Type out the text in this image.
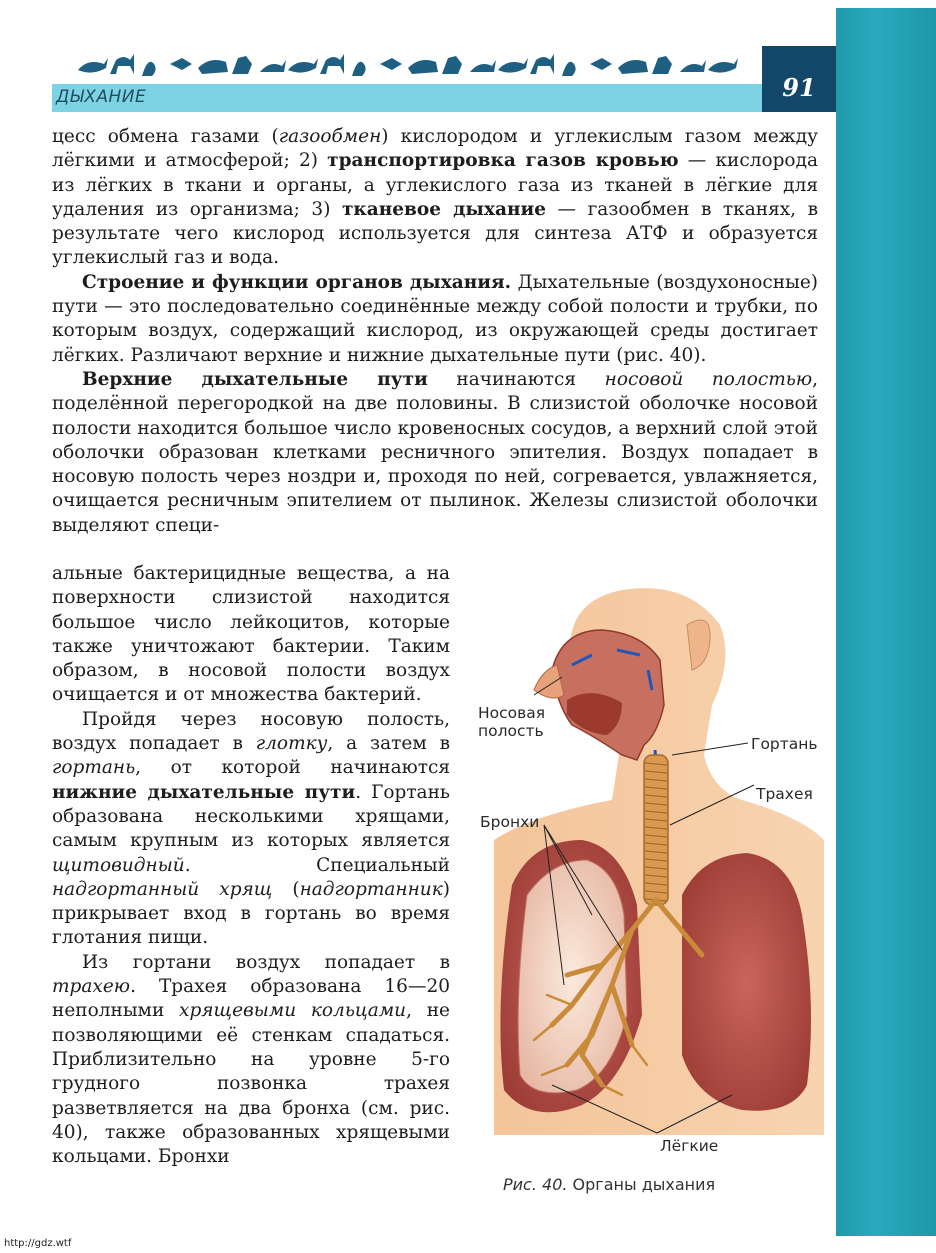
ДЫХАНИЕ	91

цесс обмена газами (газообмен) кислородом и углекислым газом между лёгкими и атмосферой; 2) транспортировка газов кровью — кислорода из лёгких в ткани и органы, а углекислого газа из тканей в лёгкие для удаления из организма; 3) тканевое дыхание — газообмен в тканях, в результате чего кислород используется для синтеза АТФ и образуется углекислый газ и вода.

Строение и функции органов дыхания. Дыхательные (воздухоносные) пути — это последовательно соединённые между собой полости и трубки, по которым воздух, содержащий кислород, из окружающей среды достигает лёгких. Различают верхние и нижние дыхательные пути (рис. 40).

Верхние дыхательные пути начинаются носовой полостью, поделённой перегородкой на две половины. В слизистой оболочке носовой полости находится большое число кровеносных сосудов, а верхний слой этой оболочки образован клетками ресничного эпителия. Воздух попадает в носовую полость через ноздри и, проходя по ней, согревается, увлажняется, очищается ресничным эпителием от пылинок. Железы слизистой оболочки выделяют специ-

альные бактерицидные вещества, а на поверхности слизистой находится большое число лейкоцитов, которые также уничтожают бактерии. Таким образом, в носовой полости воздух очищается и от множества бактерий.

Пройдя через носовую полость, воздух попадает в глотку, а затем в гортань, от которой начинаются нижние дыхательные пути. Гортань образована несколькими хрящами, самым крупным из которых является щитовидный. Специальный надгортанный хрящ (надгортанник) прикрывает вход в гортань во время глотания пищи.

Из гортани воздух попадает в трахею. Трахея образована 16—20 неполными хрящевыми кольцами, не позволяющими её стенкам спадаться. Приблизительно на уровне 5-го грудного позвонка трахея разветвляется на два бронха (см. рис. 40), также образованных хрящевыми кольцами. Бронхи

Носовая
полость
Гортань
Трахея
Бронхи
Лёгкие
Рис. 40. Органы дыхания
http://gdz.wtf
